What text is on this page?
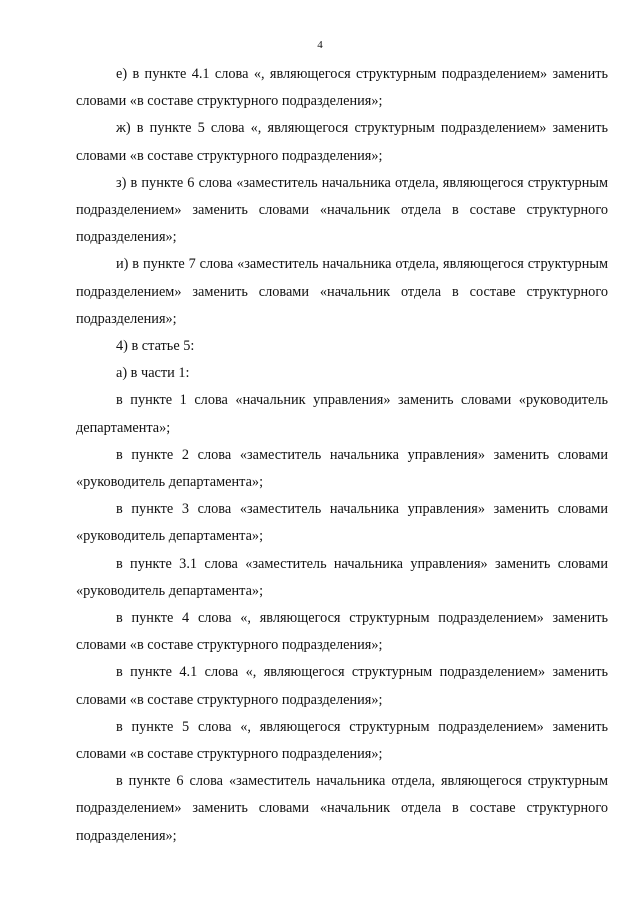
4

е) в пункте 4.1 слова «, являющегося структурным подразделением» заменить словами «в составе структурного подразделения»;

ж) в пункте 5 слова «, являющегося структурным подразделением» заменить словами «в составе структурного подразделения»;

з) в пункте 6 слова «заместитель начальника отдела, являющегося структурным подразделением» заменить словами «начальник отдела в составе структурного подразделения»;

и) в пункте 7 слова «заместитель начальника отдела, являющегося структурным подразделением» заменить словами «начальник отдела в составе структурного подразделения»;

4) в статье 5:

а) в части 1:

в пункте 1 слова «начальник управления» заменить словами «руководитель департамента»;

в пункте 2 слова «заместитель начальника управления» заменить словами «руководитель департамента»;

в пункте 3 слова «заместитель начальника управления» заменить словами «руководитель департамента»;

в пункте 3.1 слова «заместитель начальника управления» заменить словами «руководитель департамента»;

в пункте 4 слова «, являющегося структурным подразделением» заменить словами «в составе структурного подразделения»;

в пункте 4.1 слова «, являющегося структурным подразделением» заменить словами «в составе структурного подразделения»;

в пункте 5 слова «, являющегося структурным подразделением» заменить словами «в составе структурного подразделения»;

в пункте 6 слова «заместитель начальника отдела, являющегося структурным подразделением» заменить словами «начальник отдела в составе структурного подразделения»;
